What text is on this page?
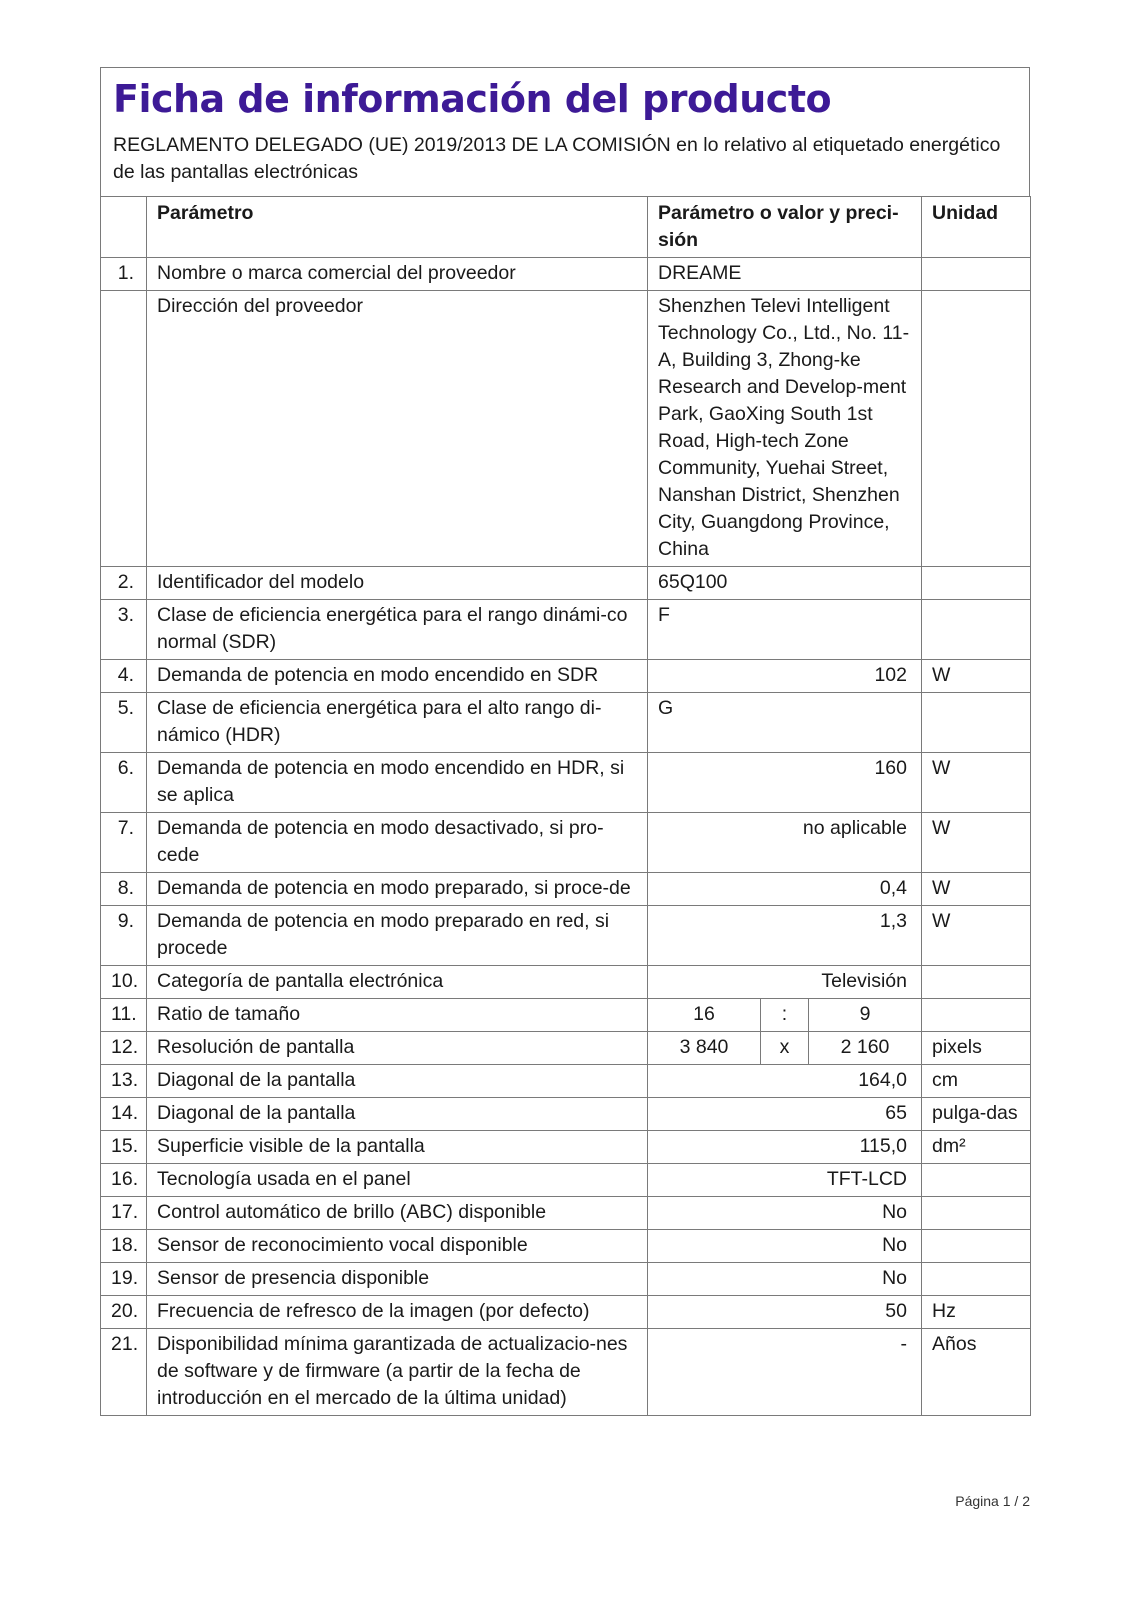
Ficha de información del producto
REGLAMENTO DELEGADO (UE) 2019/2013 DE LA COMISIÓN en lo relativo al etiquetado energético de las pantallas electrónicas
	Parámetro	Parámetro o valor y preci-sión			Unidad
1.	Nombre o marca comercial del proveedor	DREAME			
	Dirección del proveedor	Shenzhen Televi Intelligent Technology Co., Ltd., No. 11-A, Building 3, Zhong-ke Research and Develop-ment Park, GaoXing South 1st Road, High-tech Zone Community, Yuehai Street, Nanshan District, Shenzhen City, Guangdong Province, China			
2.	Identificador del modelo	65Q100			
3.	Clase de eficiencia energética para el rango dinámi-co normal (SDR)	F			
4.	Demanda de potencia en modo encendido en SDR	102			W
5.	Clase de eficiencia energética para el alto rango di-námico (HDR)	G			
6.	Demanda de potencia en modo encendido en HDR, si se aplica	160			W
7.	Demanda de potencia en modo desactivado, si pro-cede	no aplicable			W
8.	Demanda de potencia en modo preparado, si proce-de	0,4			W
9.	Demanda de potencia en modo preparado en red, si procede	1,3			W
10.	Categoría de pantalla electrónica	Televisión			
11.	Ratio de tamaño	16	:	9	
12.	Resolución de pantalla	3 840	x	2 160	pixels
13.	Diagonal de la pantalla	164,0			cm
14.	Diagonal de la pantalla	65			pulga-das
15.	Superficie visible de la pantalla	115,0			dm²
16.	Tecnología usada en el panel	TFT-LCD			
17.	Control automático de brillo (ABC) disponible	No			
18.	Sensor de reconocimiento vocal disponible	No			
19.	Sensor de presencia disponible	No			
20.	Frecuencia de refresco de la imagen (por defecto)	50			Hz
21.	Disponibilidad mínima garantizada de actualizacio-nes de software y de firmware (a partir de la fecha de introducción en el mercado de la última unidad)	-			Años
Página 1 / 2
